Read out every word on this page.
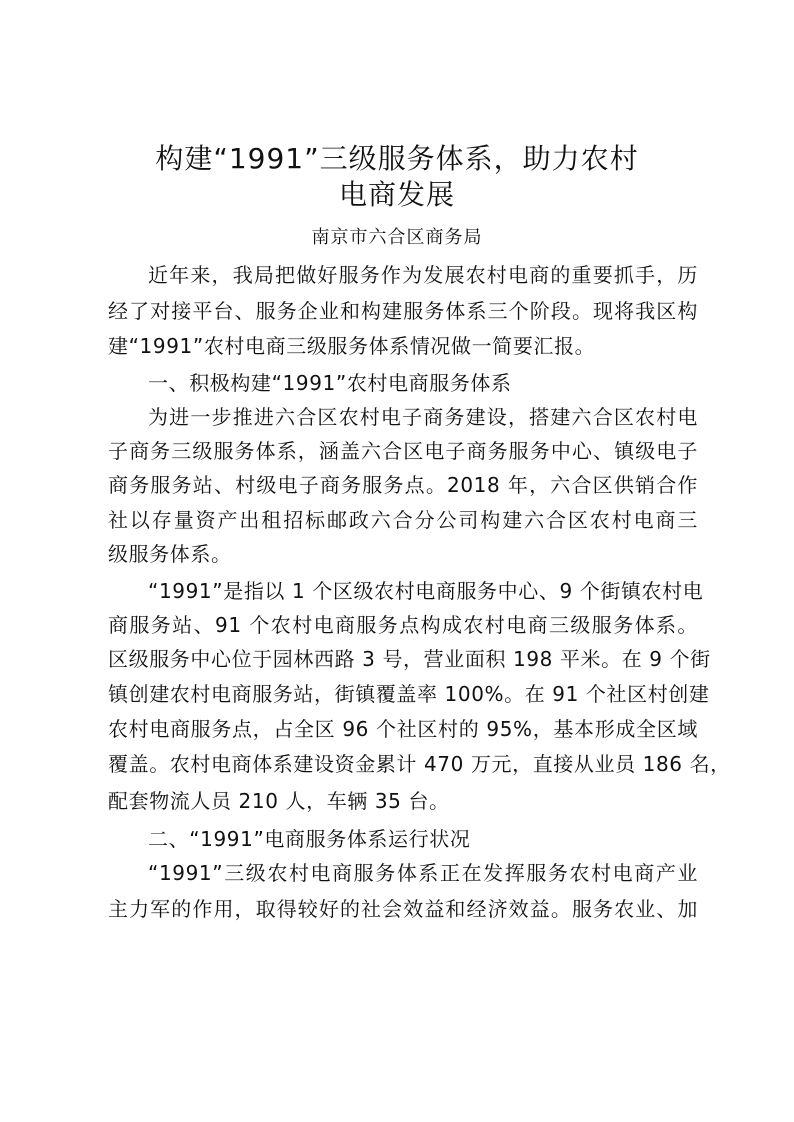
构建“1991”三级服务体系，助力农村
电商发展
南京市六合区商务局
近年来，我局把做好服务作为发展农村电商的重要抓手，历
经了对接平台、服务企业和构建服务体系三个阶段。现将我区构
建“1991”农村电商三级服务体系情况做一简要汇报。
一、积极构建“1991”农村电商服务体系
为进一步推进六合区农村电子商务建设，搭建六合区农村电
子商务三级服务体系，涵盖六合区电子商务服务中心、镇级电子
商务服务站、村级电子商务服务点。2018 年，六合区供销合作
社以存量资产出租招标邮政六合分公司构建六合区农村电商三
级服务体系。
“1991”是指以 1 个区级农村电商服务中心、9 个街镇农村电
商服务站、91 个农村电商服务点构成农村电商三级服务体系。
区级服务中心位于园林西路 3 号，营业面积 198 平米。在 9 个街
镇创建农村电商服务站，街镇覆盖率 100%。在 91 个社区村创建
农村电商服务点，占全区 96 个社区村的 95%，基本形成全区域
覆盖。农村电商体系建设资金累计 470 万元，直接从业员 186 名，
配套物流人员 210 人，车辆 35 台。
二、“1991”电商服务体系运行状况
“1991”三级农村电商服务体系正在发挥服务农村电商产业
主力军的作用，取得较好的社会效益和经济效益。服务农业、加
